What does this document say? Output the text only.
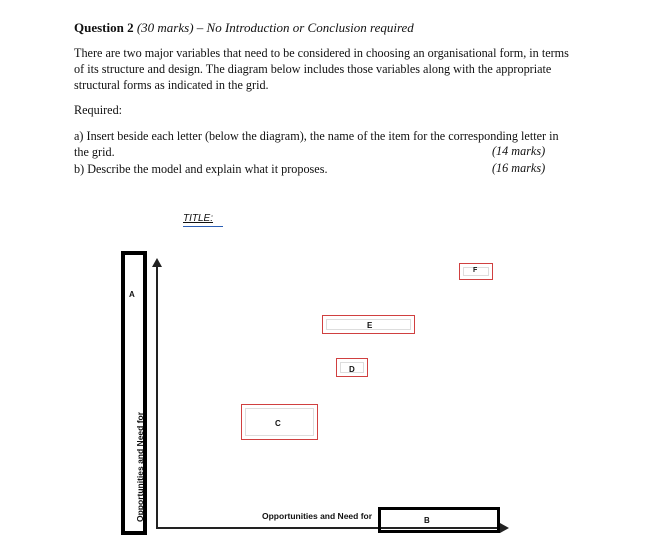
Question 2 (30 marks) – No Introduction or Conclusion required
There are two major variables that need to be considered in choosing an organisational form, in terms of its structure and design. The diagram below includes those variables along with the appropriate structural forms as indicated in the grid.
Required:
a) Insert beside each letter (below the diagram), the name of the item for the corresponding letter in the grid.	(14 marks)
b) Describe the model and explain what it proposes.	(16 marks)
TITLE:
Opportunities and Need for
A
Opportunities and Need for	B
C
D
E
F
